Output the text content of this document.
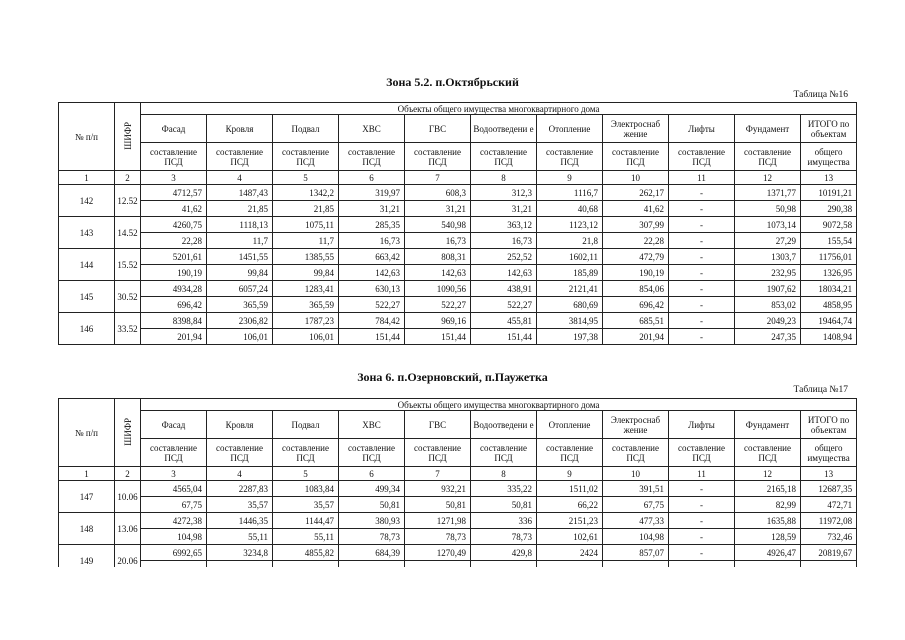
Зона 5.2. п.Октябрьский
Таблица №16
№ п/п	ШИФР	Объекты общего имущества многоквартирного дома										
		Фасад	Кровля	Подвал	ХВС	ГВС	Водоотведени е	Отопление	Электроснаб жение	Лифты	Фундамент	ИТОГО по объектам
		составление ПСД	составление ПСД	составление ПСД	составление ПСД	составление ПСД	составление ПСД	составление ПСД	составление ПСД	составление ПСД	составление ПСД	общего имущества
1	2	3	4	5	6	7	8	9	10	11	12	13
142	12.52	4712,57	1487,43	1342,2	319,97	608,3	312,3	1116,7	262,17	-	1371,77	10191,21
		41,62	21,85	21,85	31,21	31,21	31,21	40,68	41,62	-	50,98	290,38
143	14.52	4260,75	1118,13	1075,11	285,35	540,98	363,12	1123,12	307,99	-	1073,14	9072,58
		22,28	11,7	11,7	16,73	16,73	16,73	21,8	22,28	-	27,29	155,54
144	15.52	5201,61	1451,55	1385,55	663,42	808,31	252,52	1602,11	472,79	-	1303,7	11756,01
		190,19	99,84	99,84	142,63	142,63	142,63	185,89	190,19	-	232,95	1326,95
145	30.52	4934,28	6057,24	1283,41	630,13	1090,56	438,91	2121,41	854,06	-	1907,62	18034,21
		696,42	365,59	365,59	522,27	522,27	522,27	680,69	696,42	-	853,02	4858,95
146	33.52	8398,84	2306,82	1787,23	784,42	969,16	455,81	3814,95	685,51	-	2049,23	19464,74
		201,94	106,01	106,01	151,44	151,44	151,44	197,38	201,94	-	247,35	1408,94
Зона 6. п.Озерновский, п.Паужетка
Таблица №17
№ п/п	ШИФР	Объекты общего имущества многоквартирного дома										
		Фасад	Кровля	Подвал	ХВС	ГВС	Водоотведени е	Отопление	Электроснаб жение	Лифты	Фундамент	ИТОГО по объектам
		составление ПСД	составление ПСД	составление ПСД	составление ПСД	составление ПСД	составление ПСД	составление ПСД	составление ПСД	составление ПСД	составление ПСД	общего имущества
1	2	3	4	5	6	7	8	9	10	11	12	13
147	10.06	4565,04	2287,83	1083,84	499,34	932,21	335,22	1511,02	391,51	-	2165,18	12687,35
		67,75	35,57	35,57	50,81	50,81	50,81	66,22	67,75	-	82,99	472,71
148	13.06	4272,38	1446,35	1144,47	380,93	1271,98	336	2151,23	477,33	-	1635,88	11972,08
		104,98	55,11	55,11	78,73	78,73	78,73	102,61	104,98	-	128,59	732,46
149	20.06	6992,65	3234,8	4855,82	684,39	1270,49	429,8	2424	857,07	-	4926,47	20819,67
